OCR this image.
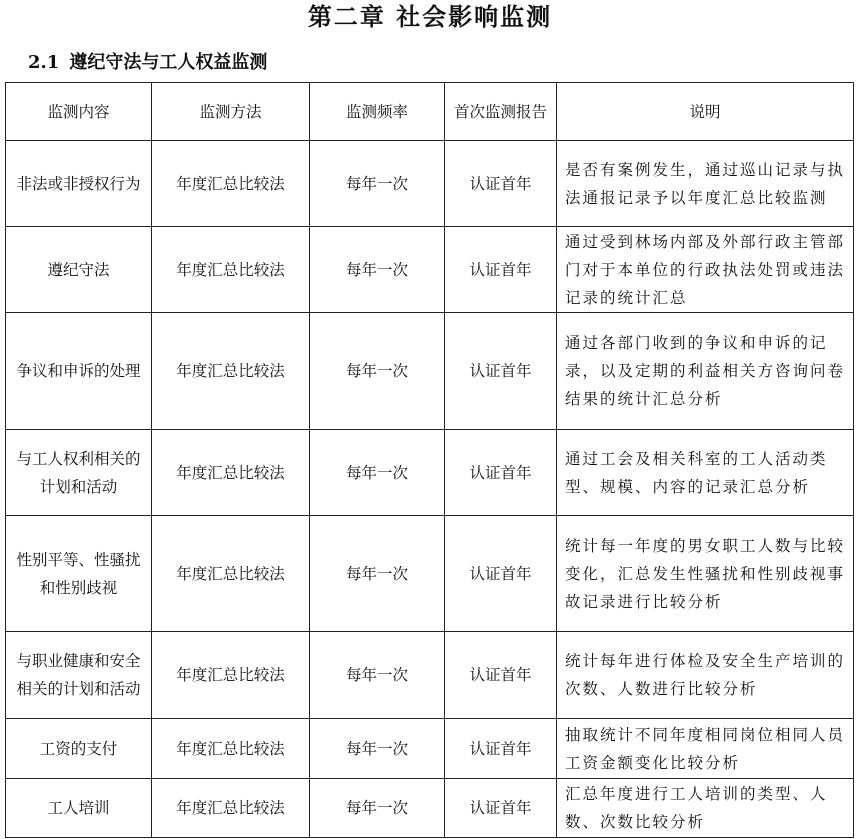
第二章 社会影响监测
2.1 遵纪守法与工人权益监测
监测内容	监测方法	监测频率	首次监测报告	说明
非法或非授权行为	年度汇总比较法	每年一次	认证首年	是否有案例发生，通过巡山记录与执法通报记录予以年度汇总比较监测
遵纪守法	年度汇总比较法	每年一次	认证首年	通过受到林场内部及外部行政主管部门对于本单位的行政执法处罚或违法记录的统计汇总
争议和申诉的处理	年度汇总比较法	每年一次	认证首年	通过各部门收到的争议和申诉的记录，以及定期的利益相关方咨询问卷结果的统计汇总分析
与工人权利相关的计划和活动	年度汇总比较法	每年一次	认证首年	通过工会及相关科室的工人活动类型、规模、内容的记录汇总分析
性别平等、性骚扰和性别歧视	年度汇总比较法	每年一次	认证首年	统计每一年度的男女职工人数与比较变化，汇总发生性骚扰和性别歧视事故记录进行比较分析
与职业健康和安全相关的计划和活动	年度汇总比较法	每年一次	认证首年	统计每年进行体检及安全生产培训的次数、人数进行比较分析
工资的支付	年度汇总比较法	每年一次	认证首年	抽取统计不同年度相同岗位相同人员工资金额变化比较分析
工人培训	年度汇总比较法	每年一次	认证首年	汇总年度进行工人培训的类型、人数、次数比较分析
